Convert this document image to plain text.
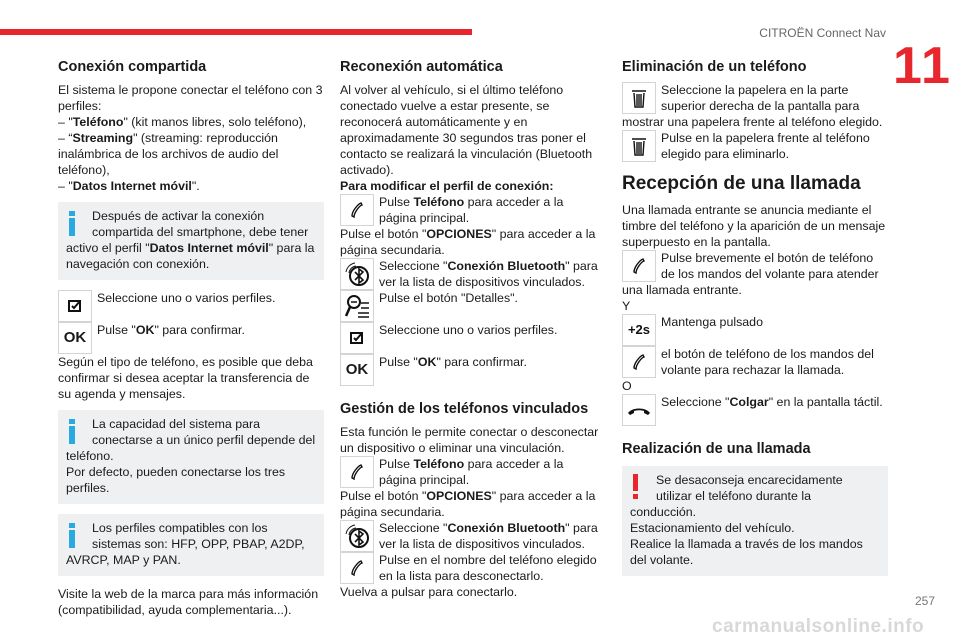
CITROËN Connect Nav
11
Conexión compartida
El sistema le propone conectar el teléfono con 3 perfiles:
– "Teléfono" (kit manos libres, solo teléfono),
– “Streaming" (streaming: reproducción inalámbrica de los archivos de audio del teléfono),
– "Datos Internet móvil".
Después de activar la conexión compartida del smartphone, debe tener activo el perfil "Datos Internet móvil" para la navegación con conexión.
Seleccione uno o varios perfiles.
OK Pulse "OK" para confirmar.
Según el tipo de teléfono, es posible que deba confirmar si desea aceptar la transferencia de su agenda y mensajes.
La capacidad del sistema para conectarse a un único perfil depende del teléfono.
Por defecto, pueden conectarse los tres perfiles.
Los perfiles compatibles con los sistemas son: HFP, OPP, PBAP, A2DP, AVRCP, MAP y PAN.
Visite la web de la marca para más información (compatibilidad, ayuda complementaria...).
Reconexión automática
Al volver al vehículo, si el último teléfono conectado vuelve a estar presente, se reconocerá automáticamente y en aproximadamente 30 segundos tras poner el contacto se realizará la vinculación (Bluetooth activado).
Para modificar el perfil de conexión:
Pulse Teléfono para acceder a la página principal.
Pulse el botón "OPCIONES" para acceder a la página secundaria.
Seleccione "Conexión Bluetooth" para ver la lista de dispositivos vinculados.
Pulse el botón "Detalles".
Seleccione uno o varios perfiles.
OK Pulse "OK" para confirmar.
Gestión de los teléfonos vinculados
Esta función le permite conectar o desconectar un dispositivo o eliminar una vinculación.
Pulse Teléfono para acceder a la página principal.
Pulse el botón "OPCIONES" para acceder a la página secundaria.
Seleccione "Conexión Bluetooth" para ver la lista de dispositivos vinculados.
Pulse en el nombre del teléfono elegido en la lista para desconectarlo.
Vuelva a pulsar para conectarlo.
Eliminación de un teléfono
Seleccione la papelera en la parte superior derecha de la pantalla para mostrar una papelera frente al teléfono elegido.
Pulse en la papelera frente al teléfono elegido para eliminarlo.
Recepción de una llamada
Una llamada entrante se anuncia mediante el timbre del teléfono y la aparición de un mensaje superpuesto en la pantalla.
Pulse brevemente el botón de teléfono de los mandos del volante para atender una llamada entrante.
Y
+2s Mantenga pulsado
el botón de teléfono de los mandos del volante para rechazar la llamada.
O
Seleccione "Colgar" en la pantalla táctil.
Realización de una llamada
Se desaconseja encarecidamente utilizar el teléfono durante la conducción.
Estacionamiento del vehículo.
Realice la llamada a través de los mandos del volante.
carmanualsonline.info
257
